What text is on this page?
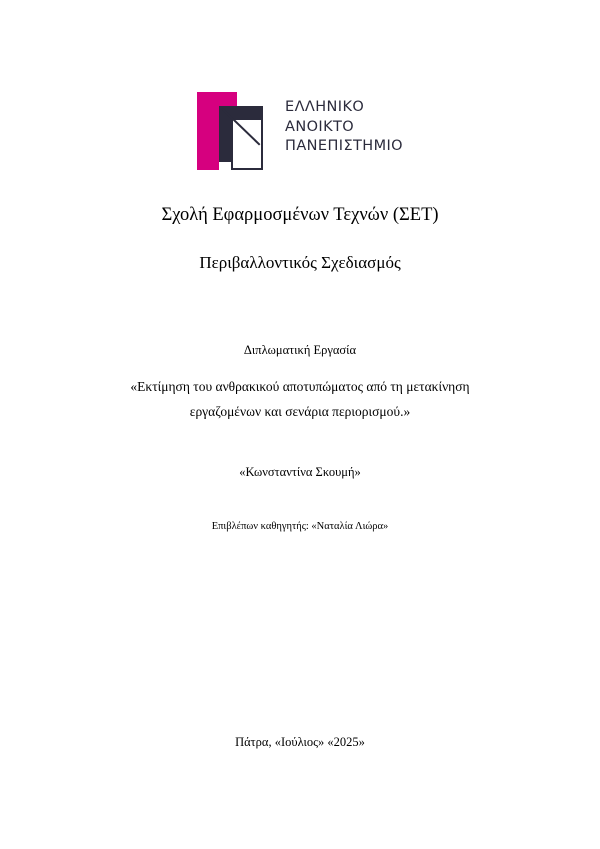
ΕΛΛΗΝΙΚΟ
ΑΝΟΙΚΤΟ
ΠΑΝΕΠΙΣΤΗΜΙΟ
Σχολή Εφαρμοσμένων Τεχνών (ΣΕΤ)
Περιβαλλοντικός Σχεδιασμός
Διπλωματική Εργασία
«Εκτίμηση του ανθρακικού αποτυπώματος από τη μετακίνηση
εργαζομένων και σενάρια περιορισμού.»
«Κωνσταντίνα Σκουμή»
Επιβλέπων καθηγητής: «Ναταλία Λιώρα»
Πάτρα, «Ιούλιος» «2025»
